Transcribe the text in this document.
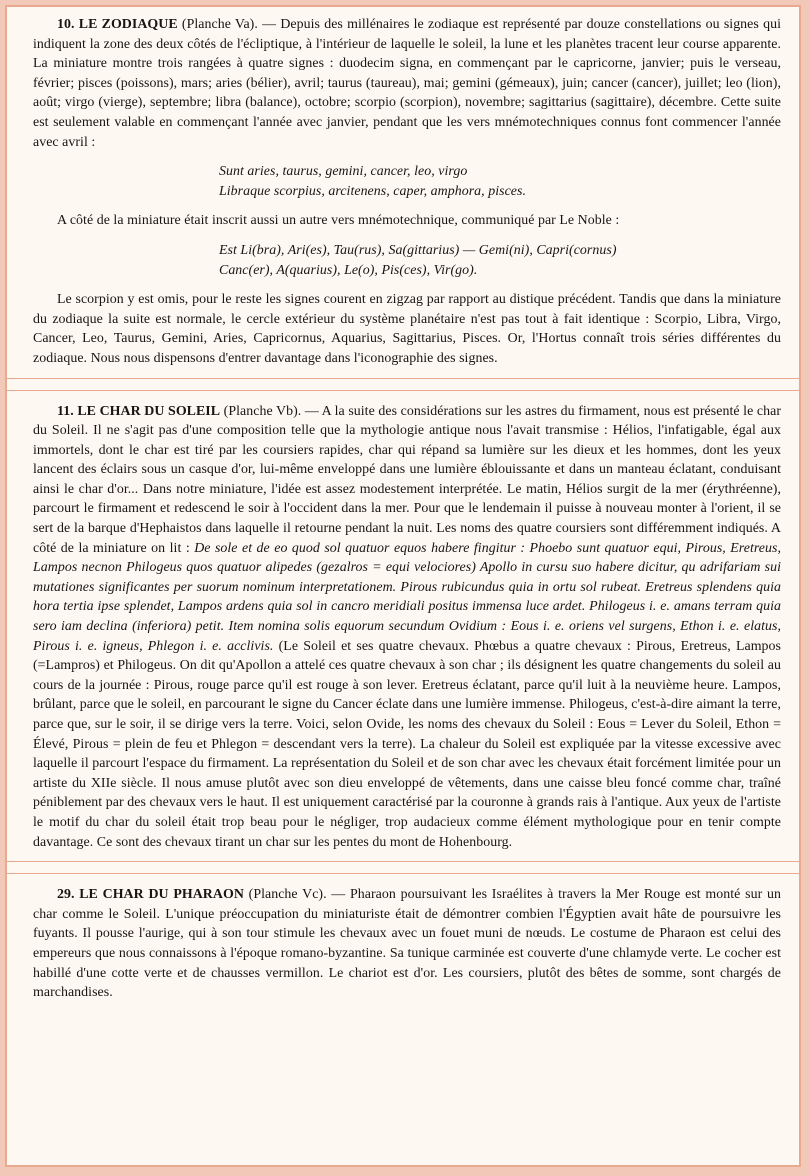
10. LE ZODIAQUE (Planche Va). — Depuis des millénaires le zodiaque est représenté par douze constellations ou signes qui indiquent la zone des deux côtés de l'écliptique, à l'intérieur de laquelle le soleil, la lune et les planètes tracent leur course apparente. La miniature montre trois rangées à quatre signes : duodecim signa, en commençant par le capricorne, janvier; puis le verseau, février; pisces (poissons), mars; aries (bélier), avril; taurus (taureau), mai; gemini (gémeaux), juin; cancer (cancer), juillet; leo (lion), août; virgo (vierge), septembre; libra (balance), octobre; scorpio (scorpion), novembre; sagittarius (sagittaire), décembre. Cette suite est seulement valable en commençant l'année avec janvier, pendant que les vers mnémotechniques connus font commencer l'année avec avril :

Sunt aries, taurus, gemini, cancer, leo, virgo
Libraque scorpius, arcitenens, caper, amphora, pisces.

A côté de la miniature était inscrit aussi un autre vers mnémotechnique, communiqué par Le Noble :

Est Li(bra), Ari(es), Tau(rus), Sa(gittarius) — Gemi(ni), Capri(cornus)
Canc(er), A(quarius), Le(o), Pis(ces), Vir(go).

Le scorpion y est omis, pour le reste les signes courent en zigzag par rapport au distique précédent. Tandis que dans la miniature du zodiaque la suite est normale, le cercle extérieur du système planétaire n'est pas tout à fait identique : Scorpio, Libra, Virgo, Cancer, Leo, Taurus, Gemini, Aries, Capricornus, Aquarius, Sagittarius, Pisces. Or, l'Hortus connaît trois séries différentes du zodiaque. Nous nous dispensons d'entrer davantage dans l'iconographie des signes.

11. LE CHAR DU SOLEIL (Planche Vb). — A la suite des considérations sur les astres du firmament, nous est présenté le char du Soleil. Il ne s'agit pas d'une composition telle que la mythologie antique nous l'avait transmise : Hélios, l'infatigable, égal aux immortels, dont le char est tiré par les coursiers rapides, char qui répand sa lumière sur les dieux et les hommes, dont les yeux lancent des éclairs sous un casque d'or, lui-même enveloppé dans une lumière éblouissante et dans un manteau éclatant, conduisant ainsi le char d'or... Dans notre miniature, l'idée est assez modestement interprétée. Le matin, Hélios surgit de la mer (érythréenne), parcourt le firmament et redescend le soir à l'occident dans la mer. Pour que le lendemain il puisse à nouveau monter à l'orient, il se sert de la barque d'Hephaistos dans laquelle il retourne pendant la nuit. Les noms des quatre coursiers sont différemment indiqués. A côté de la miniature on lit : De sole et de eo quod sol quatuor equos habere fingitur : Phoebo sunt quatuor equi, Pirous, Eretreus, Lampos necnon Philogeus quos quatuor alipedes (gezalros = equi velociores) Apollo in cursu suo habere dicitur, qu adrifariam sui mutationes significantes per suorum nominum interpretationem. Pirous rubicundus quia in ortu sol rubeat. Eretreus splendens quia hora tertia ipse splendet, Lampos ardens quia sol in cancro meridiali positus immensa luce ardet. Philogeus i. e. amans terram quia sero iam declina (inferiora) petit. Item nomina solis equorum secundum Ovidium : Eous i. e. oriens vel surgens, Ethon i. e. elatus, Pirous i. e. igneus, Phlegon i. e. acclivis. (Le Soleil et ses quatre chevaux. Phœbus a quatre chevaux : Pirous, Eretreus, Lampos (=Lampros) et Philogeus. On dit qu'Apollon a attelé ces quatre chevaux à son char ; ils désignent les quatre changements du soleil au cours de la journée : Pirous, rouge parce qu'il est rouge à son lever. Eretreus éclatant, parce qu'il luit à la neuvième heure. Lampos, brûlant, parce que le soleil, en parcourant le signe du Cancer éclate dans une lumière immense. Philogeus, c'est-à-dire aimant la terre, parce que, sur le soir, il se dirige vers la terre. Voici, selon Ovide, les noms des chevaux du Soleil : Eous = Lever du Soleil, Ethon = Élevé, Pirous = plein de feu et Phlegon = descendant vers la terre). La chaleur du Soleil est expliquée par la vitesse excessive avec laquelle il parcourt l'espace du firmament. La représentation du Soleil et de son char avec les chevaux était forcément limitée pour un artiste du XIIe siècle. Il nous amuse plutôt avec son dieu enveloppé de vêtements, dans une caisse bleu foncé comme char, traîné péniblement par des chevaux vers le haut. Il est uniquement caractérisé par la couronne à grands rais à l'antique. Aux yeux de l'artiste le motif du char du soleil était trop beau pour le négliger, trop audacieux comme élément mythologique pour en tenir compte davantage. Ce sont des chevaux tirant un char sur les pentes du mont de Hohenbourg.

29. LE CHAR DU PHARAON (Planche Vc). — Pharaon poursuivant les Israélites à travers la Mer Rouge est monté sur un char comme le Soleil. L'unique préoccupation du miniaturiste était de démontrer combien l'Égyptien avait hâte de poursuivre les fuyants. Il pousse l'aurige, qui à son tour stimule les chevaux avec un fouet muni de nœuds. Le costume de Pharaon est celui des empereurs que nous connaissons à l'époque romano-byzantine. Sa tunique carminée est couverte d'une chlamyde verte. Le cocher est habillé d'une cotte verte et de chausses vermillon. Le chariot est d'or. Les coursiers, plutôt des bêtes de somme, sont chargés de marchandises.
